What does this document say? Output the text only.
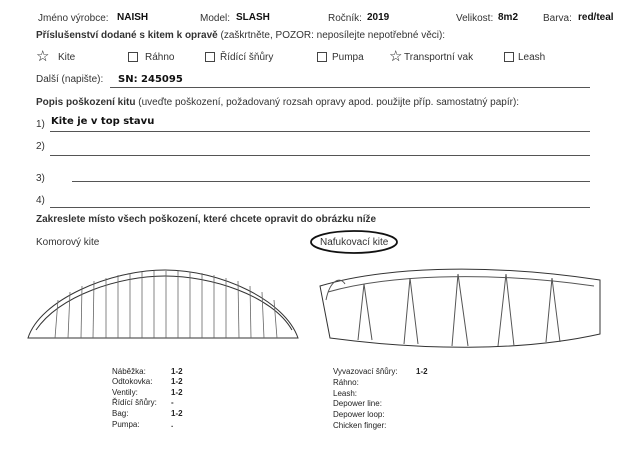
Jméno výrobce: NAISH	Model: SLASH	Ročník: 2019	Velikost: 8m2 Barva: red/teal
Příslušenství dodané s kitem k opravě (zaškrtněte, POZOR: neposílejte nepotřebné věci):
☆ Kite	Ráhno	Řídící šňůry	Pumpa ☆ Transportní vak	Leash
Další (napište): SN: 245095
Popis poškození kitu (uveďte poškození, požadovaný rozsah opravy apod. použijte příp. samostatný papír):
1) Kite je v top stavu
2)
3)
4)
Zakreslete místo všech poškození, které chcete opravit do obrázku níže
Komorový kite	Nafukovací kite
Náběžka:	1-2
Odtokovka: 1-2
Ventily:	1-2
Řídící šňůry: -
Bag:	1-2
Pumpa:	.
Vyvazovací šňůry: 1-2
Ráhno:
Leash:
Depower line:
Depower loop:
Chicken finger:
